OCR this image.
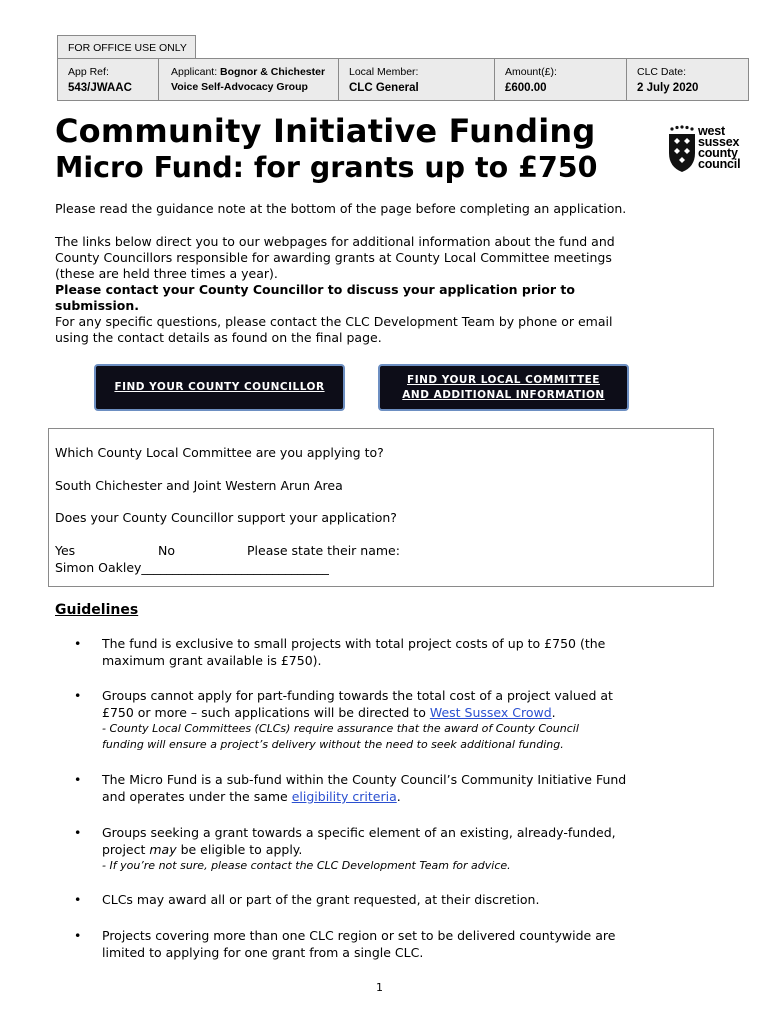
FOR OFFICE USE ONLY
App Ref:
543/JWAAC
Applicant: Bognor & Chichester
Voice Self-Advocacy Group
Local Member:
CLC General
Amount(£):
£600.00
CLC Date:
2 July 2020
Community Initiative Funding
Micro Fund: for grants up to £750
west
sussex
county
council
Please read the guidance note at the bottom of the page before completing an application.
The links below direct you to our webpages for additional information about the fund and
County Councillors responsible for awarding grants at County Local Committee meetings
(these are held three times a year).
Please contact your County Councillor to discuss your application prior to
submission.
For any specific questions, please contact the CLC Development Team by phone or email
using the contact details as found on the final page.
FIND YOUR COUNTY COUNCILLOR
FIND YOUR LOCAL COMMITTEE
AND ADDITIONAL INFORMATION
Which County Local Committee are you applying to?
South Chichester and Joint Western Arun Area
Does your County Councillor support your application?
Yes	No	Please state their name:
Simon Oakley______________________________
Guidelines
• The fund is exclusive to small projects with total project costs of up to £750 (the
maximum grant available is £750).
• Groups cannot apply for part-funding towards the total cost of a project valued at
£750 or more – such applications will be directed to West Sussex Crowd.
- County Local Committees (CLCs) require assurance that the award of County Council
funding will ensure a project’s delivery without the need to seek additional funding.
• The Micro Fund is a sub-fund within the County Council’s Community Initiative Fund
and operates under the same eligibility criteria.
• Groups seeking a grant towards a specific element of an existing, already-funded,
project may be eligible to apply.
- If you’re not sure, please contact the CLC Development Team for advice.
• CLCs may award all or part of the grant requested, at their discretion.
• Projects covering more than one CLC region or set to be delivered countywide are
limited to applying for one grant from a single CLC.
1
